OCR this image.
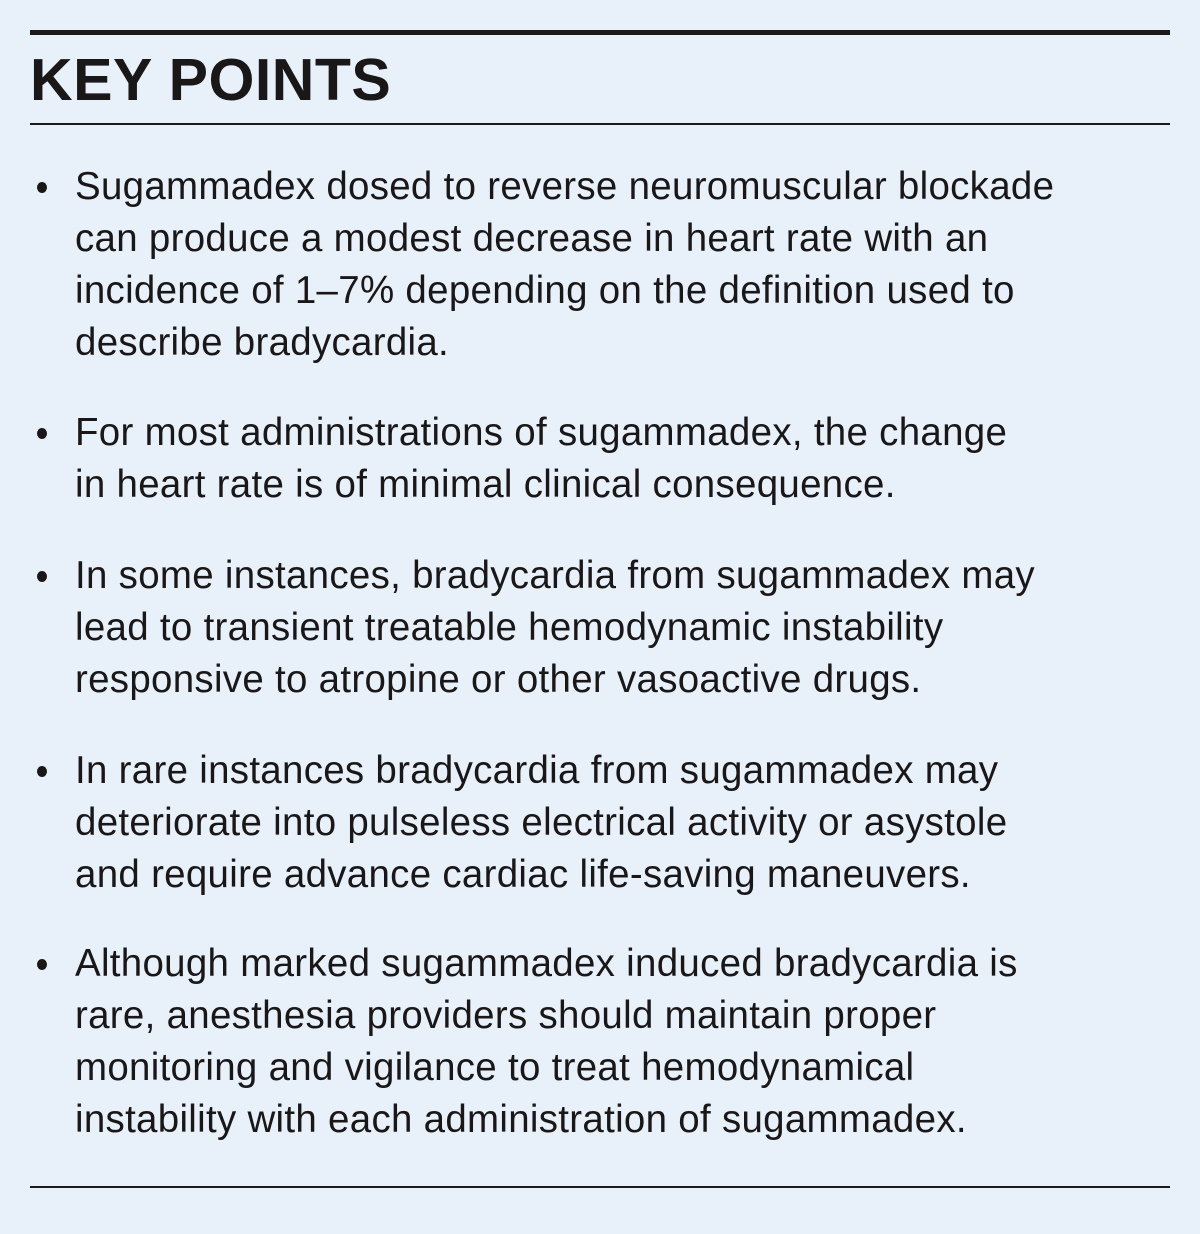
KEY POINTS
Sugammadex dosed to reverse neuromuscular blockade
can produce a modest decrease in heart rate with an
incidence of 1–7% depending on the definition used to
describe bradycardia.
For most administrations of sugammadex, the change
in heart rate is of minimal clinical consequence.
In some instances, bradycardia from sugammadex may
lead to transient treatable hemodynamic instability
responsive to atropine or other vasoactive drugs.
In rare instances bradycardia from sugammadex may
deteriorate into pulseless electrical activity or asystole
and require advance cardiac life-saving maneuvers.
Although marked sugammadex induced bradycardia is
rare, anesthesia providers should maintain proper
monitoring and vigilance to treat hemodynamical
instability with each administration of sugammadex.
